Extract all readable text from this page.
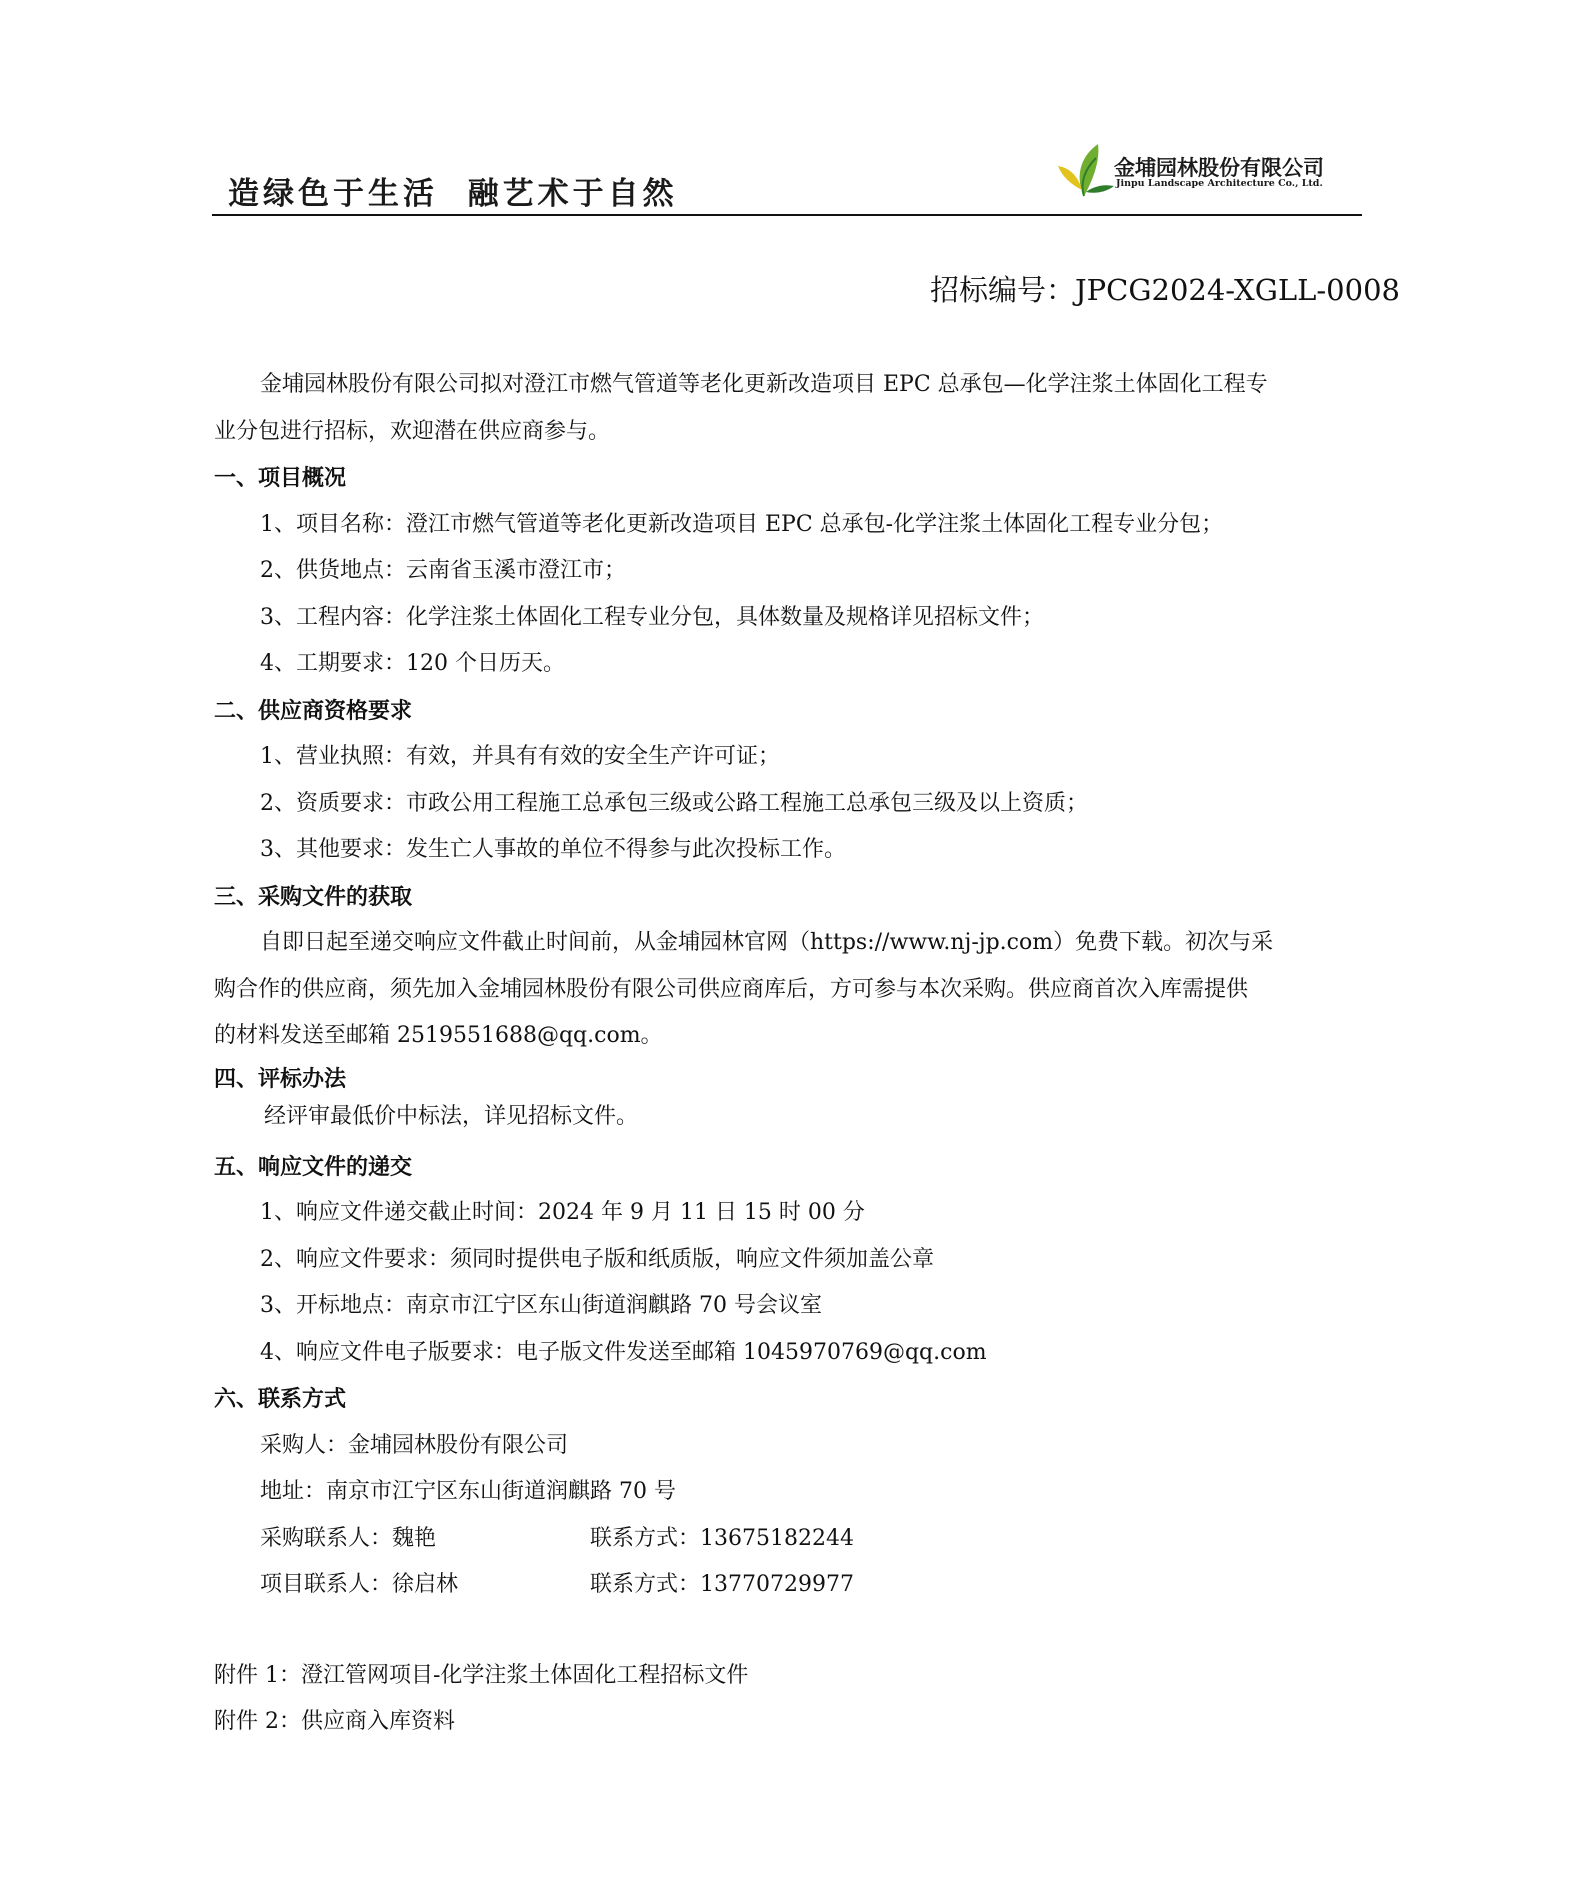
造绿色于生活  融艺术于自然
金埔园林股份有限公司
Jinpu Landscape Architecture Co., Ltd.
招标编号：JPCG2024-XGLL-0008

金埔园林股份有限公司拟对澄江市燃气管道等老化更新改造项目 EPC 总承包—化学注浆土体固化工程专

业分包进行招标，欢迎潜在供应商参与。

一、项目概况

1、项目名称：澄江市燃气管道等老化更新改造项目 EPC 总承包-化学注浆土体固化工程专业分包；

2、供货地点：云南省玉溪市澄江市；

3、工程内容：化学注浆土体固化工程专业分包，具体数量及规格详见招标文件；

4、工期要求：120 个日历天。

二、供应商资格要求

1、营业执照：有效，并具有有效的安全生产许可证；

2、资质要求：市政公用工程施工总承包三级或公路工程施工总承包三级及以上资质；

3、其他要求：发生亡人事故的单位不得参与此次投标工作。

三、采购文件的获取

自即日起至递交响应文件截止时间前，从金埔园林官网（https://www.nj-jp.com）免费下载。初次与采

购合作的供应商，须先加入金埔园林股份有限公司供应商库后，方可参与本次采购。供应商首次入库需提供

的材料发送至邮箱 2519551688@qq.com。

四、评标办法

经评审最低价中标法，详见招标文件。

五、响应文件的递交

1、响应文件递交截止时间：2024 年 9 月 11 日 15 时 00 分

2、响应文件要求：须同时提供电子版和纸质版，响应文件须加盖公章

3、开标地点：南京市江宁区东山街道润麒路 70 号会议室

4、响应文件电子版要求：电子版文件发送至邮箱 1045970769@qq.com

六、联系方式

采购人：金埔园林股份有限公司

地址：南京市江宁区东山街道润麒路 70 号

采购联系人：魏艳	联系方式：13675182244
项目联系人：徐启林	联系方式：13770729977

附件 1：澄江管网项目-化学注浆土体固化工程招标文件

附件 2：供应商入库资料
